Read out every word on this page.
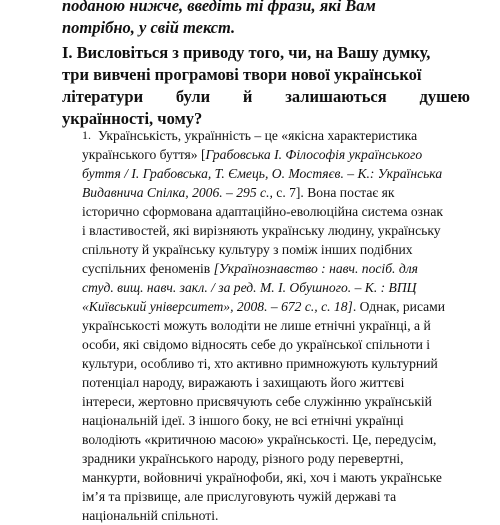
поданою нижче, введіть ті фрази, які Вам
потрібно, у свій текст.
І. Висловіться з приводу того, чи, на Вашу думку,
три вивчені програмові твори нової української
літератури були й залишаються душею
українності, чому?
1. Українськість, українність – це «якісна характеристика
українського буття» [Грабовська І. Філософія українського
буття / І. Грабовська, Т. Ємець, О. Мостяєв. – К.: Українська
Видавнича Спілка, 2006. – 295 с., с. 7]. Вона постає як
історично сформована адаптаційно-еволюційна система ознак
і властивостей, які вирізняють українську людину, українську
спільноту й українську культуру з поміж інших подібних
суспільних феноменів [Українознавство : навч. посіб. для
студ. вищ. навч. закл. / за ред. М. І. Обушного. – К. : ВПЦ
«Київський університет», 2008. – 672 с., с. 18]. Однак, рисами
українськості можуть володіти не лише етнічні українці, а й
особи, які свідомо відносять себе до української спільноти і
культури, особливо ті, хто активно примножують культурний
потенціал народу, виражають і захищають його життєві
інтереси, жертовно присвячують себе служінню українській
національній ідеї. З іншого боку, не всі етнічні українці
володіють «критичною масою» українськості. Це, передусім,
зрадники українського народу, різного роду перевертні,
манкурти, войовничі українофоби, які, хоч і мають українське
ім’я та прізвище, але прислуговують чужій державі та
національній спільноті.
